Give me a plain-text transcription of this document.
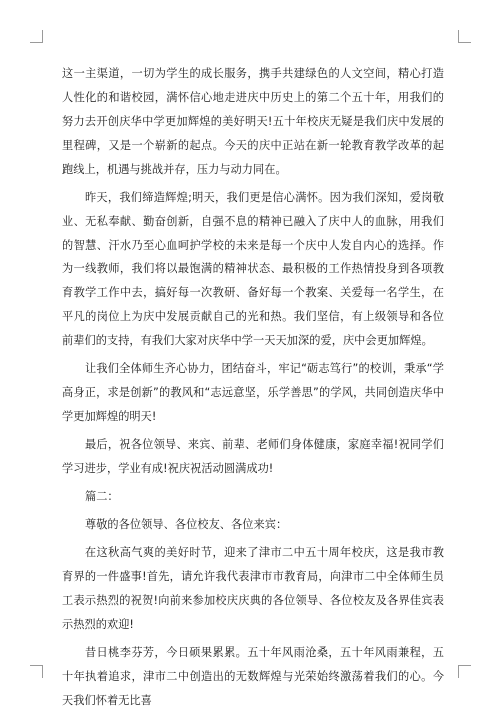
这一主渠道，一切为学生的成长服务，携手共建绿色的人文空间，精心打造人性化的和谐校园，满怀信心地走进庆中历史上的第二个五十年，用我们的努力去开创庆华中学更加辉煌的美好明天!五十年校庆无疑是我们庆中发展的里程碑，又是一个崭新的起点。今天的庆中正站在新一轮教育教学改革的起跑线上，机遇与挑战并存，压力与动力同在。

昨天，我们缔造辉煌;明天，我们更是信心满怀。因为我们深知，爱岗敬业、无私奉献、勤奋创新，自强不息的精神已融入了庆中人的血脉，用我们的智慧、汗水乃至心血呵护学校的未来是每一个庆中人发自内心的选择。作为一线教师，我们将以最饱满的精神状态、最积极的工作热情投身到各项教育教学工作中去，搞好每一次教研、备好每一个教案、关爱每一名学生，在平凡的岗位上为庆中发展贡献自己的光和热。我们坚信，有上级领导和各位前辈们的支持，有我们大家对庆华中学一天天加深的爱，庆中会更加辉煌。

让我们全体师生齐心协力，团结奋斗，牢记“砺志笃行”的校训，秉承“学高身正，求是创新”的教风和“志远意坚，乐学善思”的学风，共同创造庆华中学更加辉煌的明天!

最后，祝各位领导、来宾、前辈、老师们身体健康，家庭幸福!祝同学们学习进步，学业有成!祝庆祝活动圆满成功!

篇二：

尊敬的各位领导、各位校友、各位来宾：

在这秋高气爽的美好时节，迎来了津市二中五十周年校庆，这是我市教育界的一件盛事!首先，请允许我代表津市市教育局，向津市二中全体师生员工表示热烈的祝贺!向前来参加校庆庆典的各位领导、各位校友及各界佳宾表示热烈的欢迎!

昔日桃李芬芳，今日硕果累累。五十年风雨沧桑，五十年风雨兼程，五十年执着追求，津市二中创造出的无数辉煌与光荣始终激荡着我们的心。今天我们怀着无比喜
